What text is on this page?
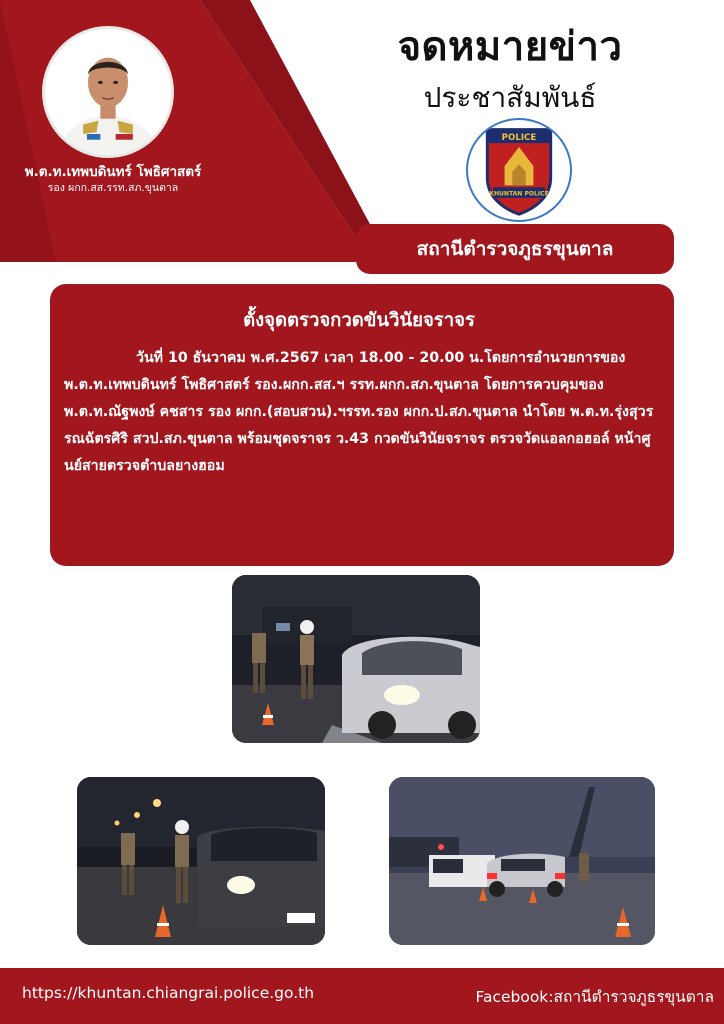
พ.ต.ท.เทพบดินทร์ โพธิศาสตร์
รอง ผกก.สส.รรท.สภ.ขุนตาล
จดหมายข่าว
ประชาสัมพันธ์
POLICE
KHUNTAN POLICE
สถานีตำรวจภูธรขุนตาล
ตั้งจุดตรวจกวดขันวินัยจราจร

วันที่ 10 ธันวาคม พ.ศ.2567 เวลา 18.00 - 20.00 น.โดยการอำนวยการของ พ.ต.ท.เทพบดินทร์ โพธิศาสตร์ รอง.ผกก.สส.ฯ รรท.ผกก.สภ.ขุนตาล โดยการควบคุมของ พ.ต.ท.ณัฐพงษ์ คชสาร รอง ผกก.(สอบสวน).ฯรรท.รอง ผกก.ป.สภ.ขุนตาล นำโดย พ.ต.ท.รุ่งสุวรรณฉัตรศิริ สวป.สภ.ขุนตาล พร้อมชุดจราจร ว.43 กวดขันวินัยจราจร ตรวจวัดแอลกอฮอล์ หน้าศูนย์สายตรวจตำบลยางฮอม

https://khuntan.chiangrai.police.go.th	Facebook:สถานีตำรวจภูธรขุนตาล
